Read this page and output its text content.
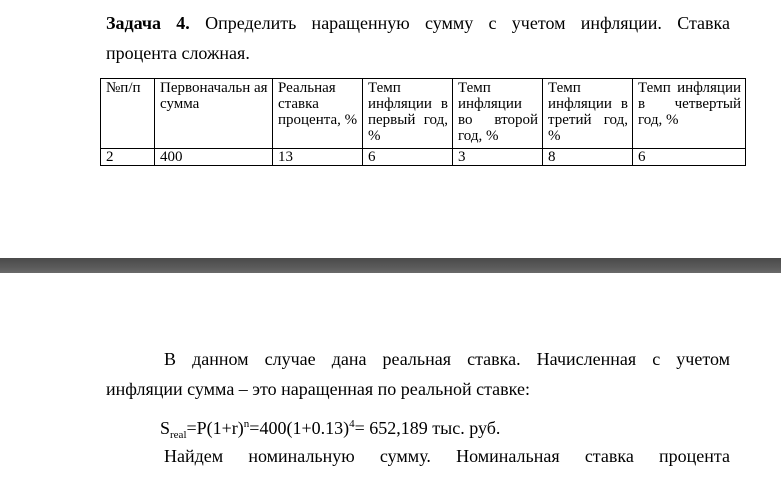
Задача 4. Определить наращенную сумму с учетом инфляции. Ставка
процента сложная.
№п/п	Первоначальн ая сумма	Реальная ставка процента, %	Темп инфляции в первый год, %	Темп инфляции во второй год, %	Темп инфляции в третий год, %	Темп инфляции в четвертый год, %
2	400	13	6	3	8	6
В данном случае дана реальная ставка. Начисленная с учетом
инфляции сумма – это наращенная по реальной ставке:
$S_{real}=P(1+r)^n=400(1+0.13)^4= 652,189$ тыс. руб.
Найдем номинальную сумму. Номинальная ставка процента
